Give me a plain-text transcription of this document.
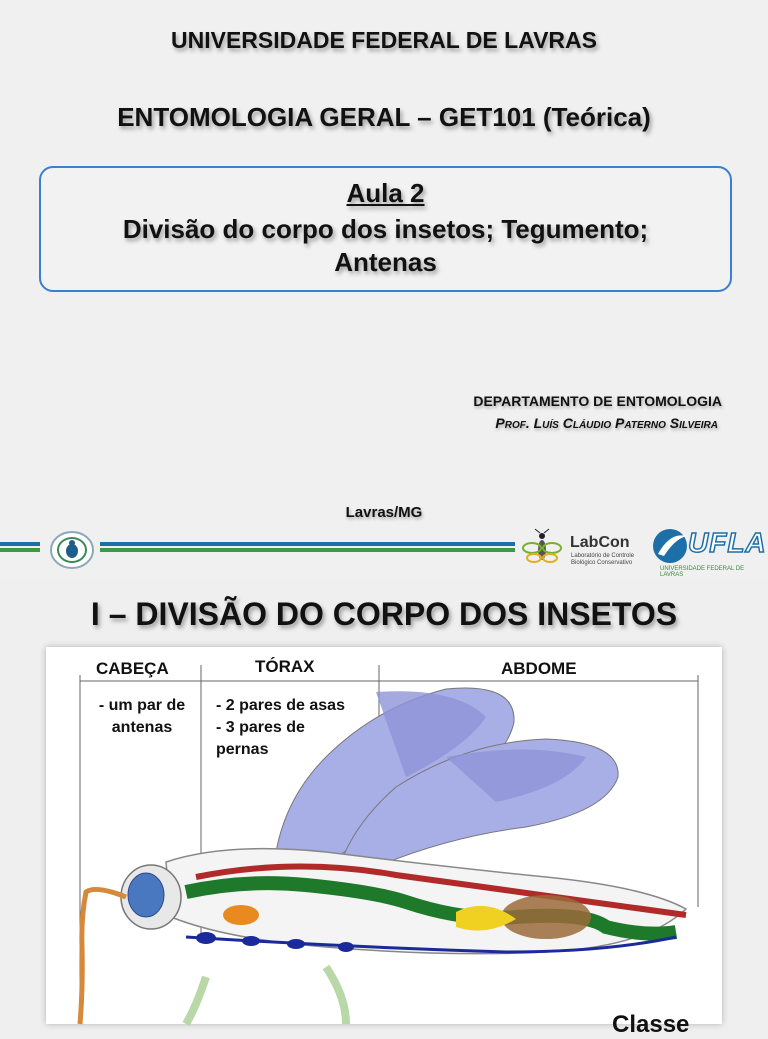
UNIVERSIDADE FEDERAL DE LAVRAS
ENTOMOLOGIA GERAL – GET101 (Teórica)
Aula 2
Divisão do corpo dos insetos; Tegumento;
Antenas
DEPARTAMENTO DE ENTOMOLOGIA
Prof. Luís Cláudio Paterno Silveira
Lavras/MG
LabCon
Laboratório de Controle
Biológico Conservativo
UFLA
UNIVERSIDADE FEDERAL DE LAVRAS
I – DIVISÃO DO CORPO DOS INSETOS
CABEÇA	TÓRAX	ABDOME
- um par de
antenas
- 2 pares de asas
- 3 pares de
pernas
Classe
